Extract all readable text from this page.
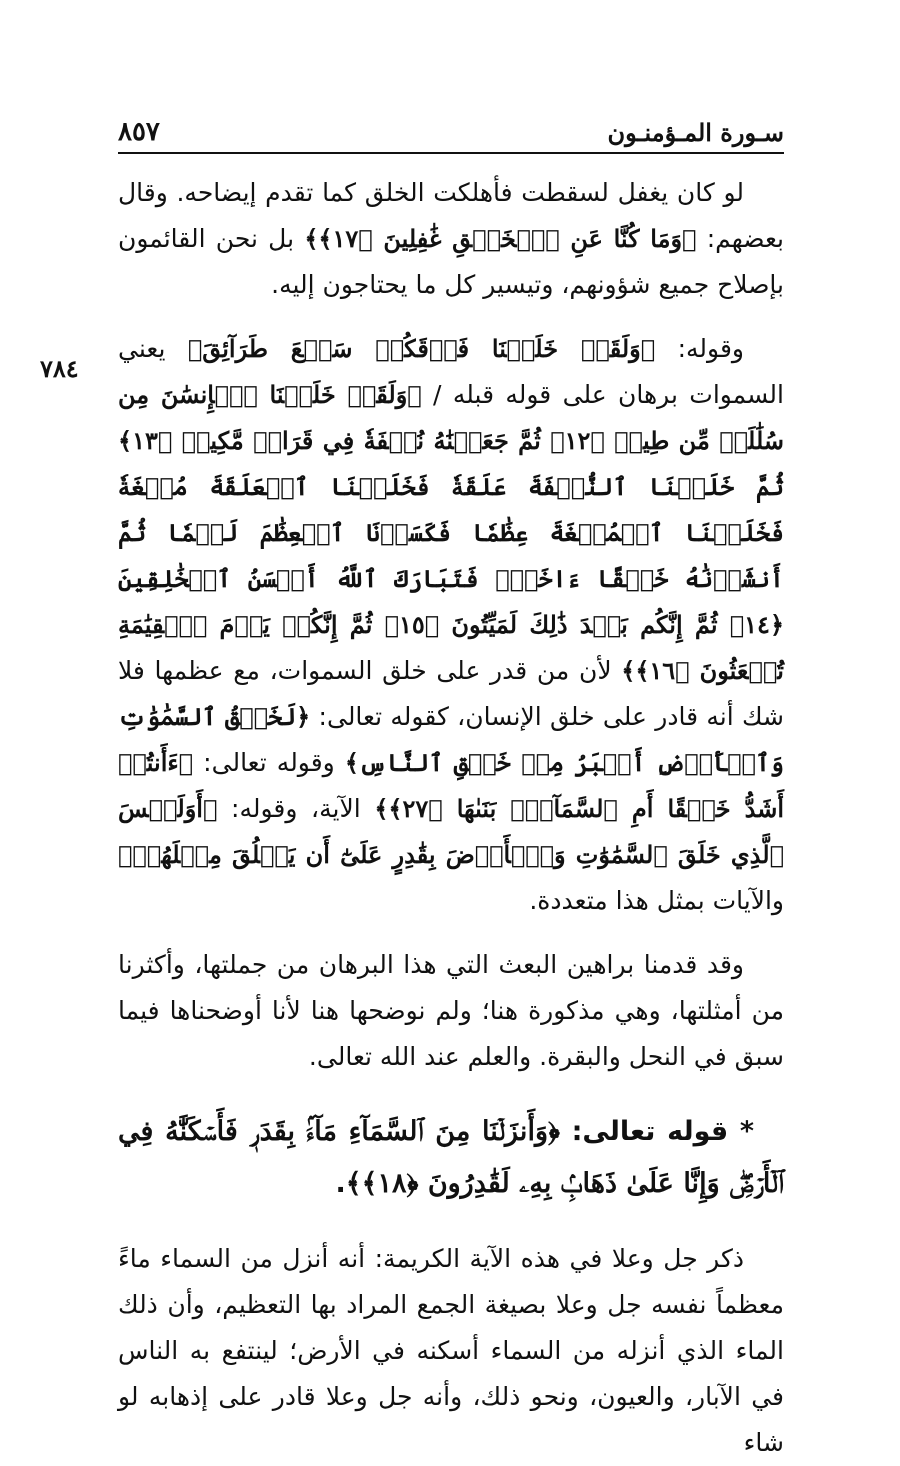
سـورة المـؤمنـون
٨٥٧
٧٨٤

لو كان يغفل لسقطت فأهلكت الخلق كما تقدم إيضاحه. وقال بعضهم: ﴿وَمَا كُنَّا عَنِ ٱلۡخَلۡقِ غَٰفِلِينَ ﴿١٧﴾﴾ بل نحن القائمون بإصلاح جميع شؤونهم، وتيسير كل ما يحتاجون إليه.

وقوله: ﴿وَلَقَدۡ خَلَقۡنَا فَوۡقَكُمۡ سَبۡعَ طَرَآئِقَ﴾ يعني السموات برهان على قوله قبله / ﴿وَلَقَدۡ خَلَقۡنَا ٱلۡإِنسَٰنَ مِن سُلَٰلَةٖ مِّن طِينٖ ﴿١٢﴾ ثُمَّ جَعَلۡنَٰهُ نُطۡفَةٗ فِي قَرَارٖ مَّكِينٖ ﴿١٣﴾ ثُمَّ خَلَقۡنَا ٱلنُّطۡفَةَ عَلَقَةٗ فَخَلَقۡنَا ٱلۡعَلَقَةَ مُضۡغَةٗ فَخَلَقۡنَا ٱلۡمُضۡغَةَ عِظَٰمٗا فَكَسَوۡنَا ٱلۡعِظَٰمَ لَحۡمٗا ثُمَّ أَنشَأۡنَٰهُ خَلۡقًا ءَاخَرَۚ فَتَبَارَكَ ٱللَّهُ أَحۡسَنُ ٱلۡخَٰلِقِينَ ﴿١٤﴾ ثُمَّ إِنَّكُم بَعۡدَ ذَٰلِكَ لَمَيِّتُونَ ﴿١٥﴾ ثُمَّ إِنَّكُمۡ يَوۡمَ ٱلۡقِيَٰمَةِ تُبۡعَثُونَ ﴿١٦﴾﴾ لأن من قدر على خلق السموات، مع عظمها فلا شك أنه قادر على خلق الإنسان، كقوله تعالى: ﴿لَخَلۡقُ ٱلسَّمَٰوَٰتِ وَٱلۡأَرۡضِ أَكۡبَرُ مِنۡ خَلۡقِ ٱلنَّاسِ﴾ وقوله تعالى: ﴿ءَأَنتُمۡ أَشَدُّ خَلۡقًا أَمِ ٱلسَّمَآءُۚ بَنَىٰهَا ﴿٢٧﴾﴾ الآية، وقوله: ﴿أَوَلَيۡسَ ٱلَّذِي خَلَقَ ٱلسَّمَٰوَٰتِ وَٱلۡأَرۡضَ بِقَٰدِرٍ عَلَىٰٓ أَن يَخۡلُقَ مِثۡلَهُمۚ﴾ والآيات بمثل هذا متعددة.

وقد قدمنا براهين البعث التي هذا البرهان من جملتها، وأكثرنا من أمثلتها، وهي مذكورة هنا؛ ولم نوضحها هنا لأنا أوضحناها فيما سبق في النحل والبقرة. والعلم عند الله تعالى.

* قوله تعالى: ﴿وَأَنزَلۡنَا مِنَ ٱلسَّمَآءِ مَآءَۢ بِقَدَرٖ فَأَسۡكَنَّٰهُ فِي ٱلۡأَرۡضِۖ وَإِنَّا عَلَىٰ ذَهَابِۢ بِهِۦ لَقَٰدِرُونَ ﴿١٨﴾﴾.

ذكر جل وعلا في هذه الآية الكريمة: أنه أنزل من السماء ماءً معظماً نفسه جل وعلا بصيغة الجمع المراد بها التعظيم، وأن ذلك الماء الذي أنزله من السماء أسكنه في الأرض؛ لينتفع به الناس في الآبار، والعيون، ونحو ذلك، وأنه جل وعلا قادر على إذهابه لو شاء
